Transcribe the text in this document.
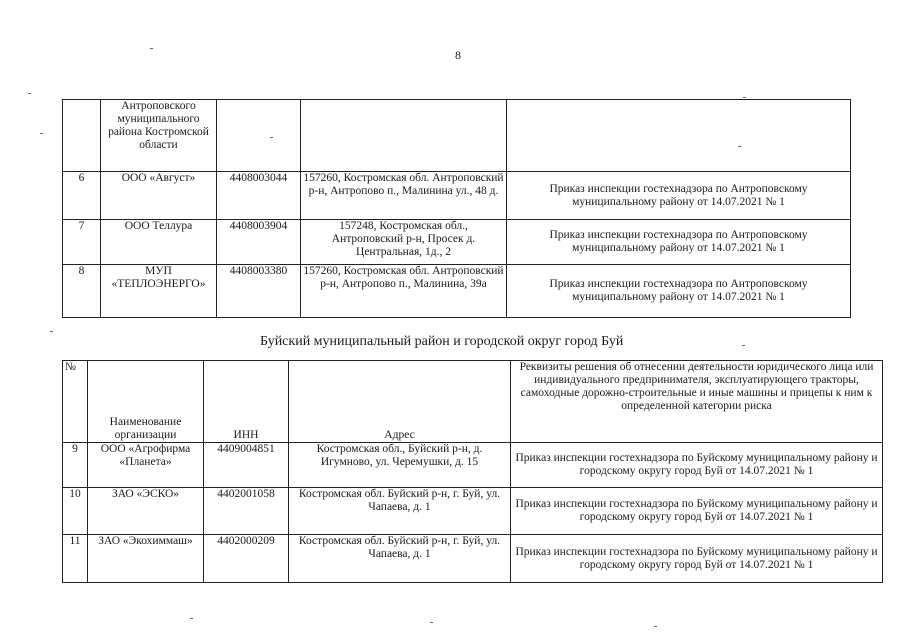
8
	Антроповского муниципального района Костромской области			
6	ООО «Август»	4408003044	157260, Костромская обл. Антроповский р-н, Антропово п., Малинина ул., 48 д.	Приказ инспекции гостехнадзора по Антроповскому муниципальному району от 14.07.2021 № 1
7	ООО Теллура	4408003904	157248, Костромская обл., Антроповский р-н, Просек д. Центральная, 1д., 2	Приказ инспекции гостехнадзора по Антроповскому муниципальному району от 14.07.2021 № 1
8	МУП «ТЕПЛОЭНЕРГО»	4408003380	157260, Костромская обл. Антроповский р-н, Антропово п., Малинина, 39а	Приказ инспекции гостехнадзора по Антроповскому муниципальному району от 14.07.2021 № 1
Буйский муниципальный район и городской округ город Буй
№	Наименование организации	ИНН	Адрес	Реквизиты решения об отнесении деятельности юридического лица или индивидуального предпринимателя, эксплуатирующего тракторы, самоходные дорожно-строительные и иные машины и прицепы к ним к определенной категории риска
9	ООО «Агрофирма «Планета»	4409004851	Костромская обл., Буйский р-н, д. Игумново, ул. Черемушки, д. 15	Приказ инспекции гостехнадзора по Буйскому муниципальному району и городскому округу город Буй от 14.07.2021 № 1
10	ЗАО «ЭСКО»	4402001058	Костромская обл. Буйский р-н, г. Буй, ул. Чапаева, д. 1	Приказ инспекции гостехнадзора по Буйскому муниципальному району и городскому округу город Буй от 14.07.2021 № 1
11	ЗАО «Экохиммаш»	4402000209	Костромская обл. Буйский р-н, г. Буй, ул. Чапаева, д. 1	Приказ инспекции гостехнадзора по Буйскому муниципальному району и городскому округу город Буй от 14.07.2021 № 1
